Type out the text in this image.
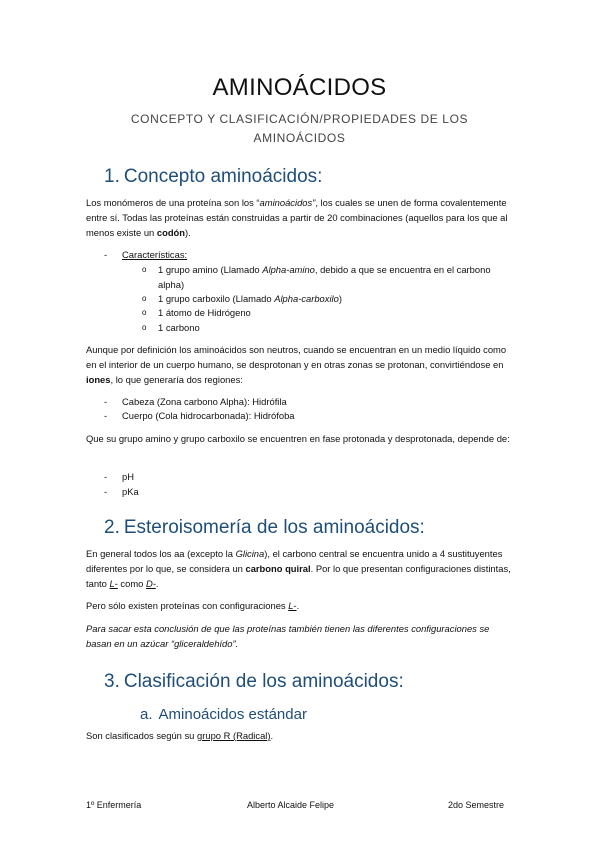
AMINOÁCIDOS
CONCEPTO Y CLASIFICACIÓN/PROPIEDADES DE LOS AMINOÁCIDOS
1. Concepto aminoácidos:
Los monómeros de una proteína son los “aminoácidos”, los cuales se unen de forma covalentemente entre sí. Todas las proteínas están construidas a partir de 20 combinaciones (aquellos para los que al menos existe un codón).
- Características:
o 1 grupo amino (Llamado Alpha-amino, debido a que se encuentra en el carbono alpha)
o 1 grupo carboxilo (Llamado Alpha-carboxilo)
o 1 átomo de Hidrógeno
o 1 carbono
Aunque por definición los aminoácidos son neutros, cuando se encuentran en un medio líquido como en el interior de un cuerpo humano, se desprotonan y en otras zonas se protonan, convirtiéndose en iones, lo que generaría dos regiones:
- Cabeza (Zona carbono Alpha): Hidrófila
- Cuerpo (Cola hidrocarbonada): Hidrófoba
Que su grupo amino y grupo carboxilo se encuentren en fase protonada y desprotonada, depende de:
- pH
- pKa
2. Esteroisomería de los aminoácidos:
En general todos los aa (excepto la Glicina), el carbono central se encuentra unido a 4 sustituyentes diferentes por lo que, se considera un carbono quiral. Por lo que presentan configuraciones distintas, tanto L- como D-.
Pero sólo existen proteínas con configuraciones L-.
Para sacar esta conclusión de que las proteínas también tienen las diferentes configuraciones se basan en un azúcar “gliceraldehído”.
3. Clasificación de los aminoácidos:
a. Aminoácidos estándar
Son clasificados según su grupo R (Radical).
1º Enfermería	Alberto Alcaide Felipe	2do Semestre
